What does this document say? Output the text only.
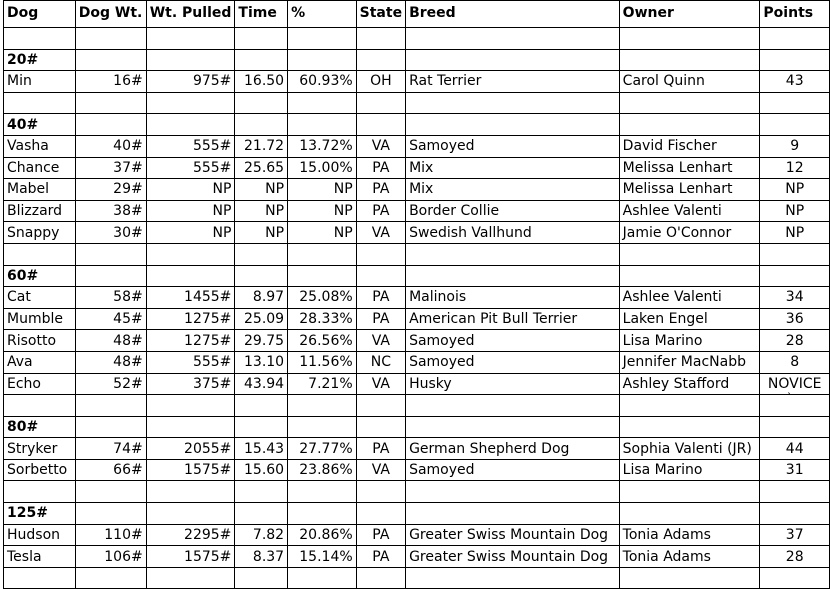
Dog	Dog Wt.	Wt. Pulled	Time	%	State	Breed	Owner	Points

20#								
Min	16#	975#	16.50	60.93%	OH	Rat Terrier	Carol Quinn	43

40#								
Vasha	40#	555#	21.72	13.72%	VA	Samoyed	David Fischer	9
Chance	37#	555#	25.65	15.00%	PA	Mix	Melissa Lenhart	12
Mabel	29#	NP	NP	NP	PA	Mix	Melissa Lenhart	NP
Blizzard	38#	NP	NP	NP	PA	Border Collie	Ashlee Valenti	NP
Snappy	30#	NP	NP	NP	VA	Swedish Vallhund	Jamie O'Connor	NP

60#								
Cat	58#	1455#	8.97	25.08%	PA	Malinois	Ashlee Valenti	34
Mumble	45#	1275#	25.09	28.33%	PA	American Pit Bull Terrier	Laken Engel	36
Risotto	48#	1275#	29.75	26.56%	VA	Samoyed	Lisa Marino	28
Ava	48#	555#	13.10	11.56%	NC	Samoyed	Jennifer MacNabb	8
Echo	52#	375#	43.94	7.21%	VA	Husky	Ashley Stafford	NOVICE

80#								
Stryker	74#	2055#	15.43	27.77%	PA	German Shepherd Dog	Sophia Valenti (JR)	44
Sorbetto	66#	1575#	15.60	23.86%	VA	Samoyed	Lisa Marino	31

125#								
Hudson	110#	2295#	7.82	20.86%	PA	Greater Swiss Mountain Dog	Tonia Adams	37
Tesla	106#	1575#	8.37	15.14%	PA	Greater Swiss Mountain Dog	Tonia Adams	28

`
